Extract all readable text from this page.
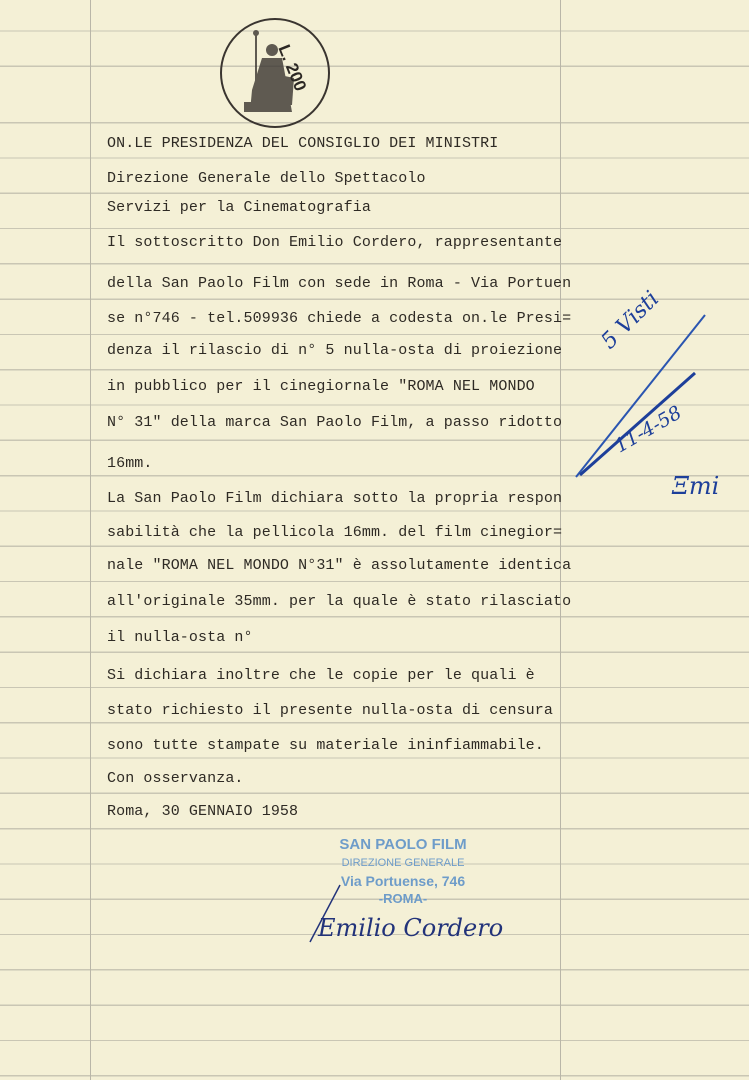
L. 200
ON.LE PRESIDENZA DEL CONSIGLIO DEI MINISTRI
Direzione Generale dello Spettacolo
Servizi per la Cinematografia
Il sottoscritto Don Emilio Cordero, rappresentante
della San Paolo Film con sede in Roma - Via Portuen
se n°746 - tel.509936 chiede a codesta on.le Presi=
denza il rilascio di n° 5 nulla-osta di proiezione
in pubblico per il cinegiornale "ROMA NEL MONDO
N° 31" della marca San Paolo Film, a passo ridotto
16mm.
La San Paolo Film dichiara sotto la propria respon
sabilità che la pellicola 16mm. del film cinegior=
nale "ROMA NEL MONDO N°31" è assolutamente identica
all'originale 35mm. per la quale è stato rilasciato
il nulla-osta n°
Si dichiara inoltre che le copie per le quali è
stato richiesto il presente nulla-osta di censura
sono tutte stampate su materiale ininfiammabile.
Con osservanza.
Roma, 30 GENNAIO 1958
SAN PAOLO FILM
DIREZIONE GENERALE
Via Portuense, 746
-ROMA-
Emilio Cordero
5 Visti
11-4-58
Ξmi
